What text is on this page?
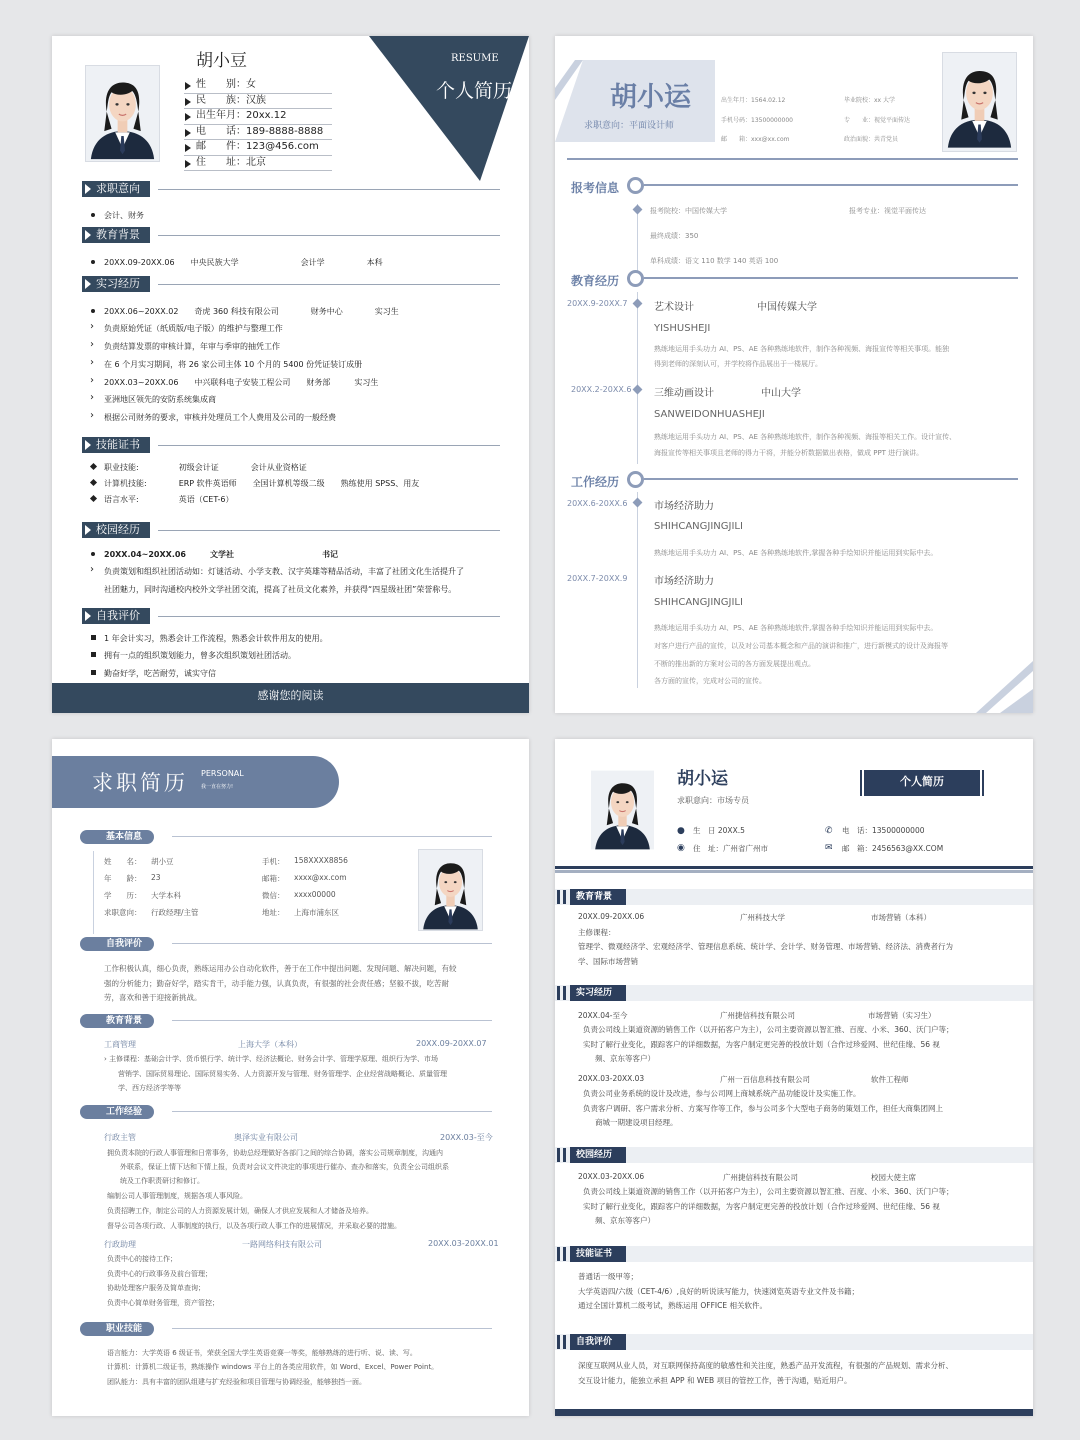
胡小豆
性　　别：女
民　　族：汉族
出生年月：20xx.12
电　　话：189-8888-8888
邮　　件：123@456.com
住　　址：北京
RESUME
个人简历
求职意向
会计、财务
教育背景
20XX.09-20XX.06 中央民族大学	会计学	本科
实习经历
20XX.06~20XX.02　　奇虎 360 科技有限公司　　　　财务中心　　　　实习生
› 负责原始凭证（纸质版/电子版）的维护与整理工作
› 负责结算发票的审核计算，年审与季审的抽凭工作
› 在 6 个月实习期间，将 26 家公司主体 10 个月的 5400 份凭证装订成册
› 20XX.03~20XX.06　　中兴联科电子安装工程公司　　财务部　　　实习生
› 亚洲地区领先的安防系统集成商
› 根据公司财务的要求，审核并处理员工个人费用及公司的一般经费
技能证书
职业技能:　　　　　初级会计证　　　　会计从业资格证
计算机技能:　　　　ERP 软件英语师　　全国计算机等级二级　　熟练使用 SPSS、用友
语言水平:　　　　　英语（CET-6）
校园经历
20XX.04~20XX.06　　　文学社　　　　　　　　　　　书记
› 负责策划和组织社团活动如：灯谜活动、小学支教、汉字英雄等精品活动，丰富了社团文化生活提升了
社团魅力，同时沟通校内校外文学社团交流，提高了社员文化素养，并获得“四星级社团”荣誉称号。
自我评价
1 年会计实习，熟悉会计工作流程，熟悉会计软件用友的使用。
拥有一点的组织策划能力，曾多次组织策划社团活动。
勤奋好学，吃苦耐劳，诚实守信
感谢您的阅读
胡小运
求职意向：平面设计师
出生年月：1564.02.12
手机号码：13500000000
邮　　箱：xxx@xx.com
毕业院校：xx 大学
专　　业：视觉平面传达
政治面貌：共青党员
报考信息
报考院校：中国传媒大学	报考专业：视觉平面传达
最终成绩：350
单科成绩：语文 110 数学 140 英语 100
教育经历
20XX.9-20XX.7	艺术设计	中国传媒大学
YISHUSHEJI
熟练地运用手头功力 AI、PS、AE 各种熟练地软件，制作各种视频、海报宣传等相关事项。能独
得到老师的深刻认可，并学校将作品展出于一楼展厅。
20XX.2-20XX.6 三维动画设计	中山大学
SANWEIDONHUASHEJI
熟练地运用手头功力 AI、PS、AE 各种熟练地软件，制作各种视频、海报等相关工作。设计宣传、
海报宣传等相关事项且老师的得力干将，并能分析数据做出表格，做成 PPT 进行演讲。
工作经历
20XX.6-20XX.6	市场经济助力
SHIHCANGJINGJILI
熟练地运用手头功力 AI、PS、AE 各种熟练地软件,掌握各种手绘知识并能运用到实际中去。
20XX.7-20XX.9	市场经济助力
SHIHCANGJINGJILI
熟练地运用手头功力 AI、PS、AE 各种熟练地软件,掌握各种手绘知识并能运用到实际中去。
对客户进行产品的宣传，以及对公司基本概念和产品的演讲和推广，进行新模式的设计及海报等
不断的推出新的方案对公司的各方面发展提出观点。
各方面的宣传，完成对公司的宣传。
求职简历 PERSONAL
我一直在努力!
基本信息
姓　　名： 胡小豆
年　　龄： 23
学　　历： 大学本科
求职意向： 行政经理/主管
手机： 158XXXX8856
邮箱： xxxx@xx.com
微信： xxxx00000
地址： 上海市浦东区
自我评价
工作积极认真，细心负责，熟练运用办公自动化软件，善于在工作中提出问题、发现问题、解决问题，有较
强的分析能力；勤奋好学，踏实肯干，动手能力强，认真负责，有很强的社会责任感；坚毅不拔，吃苦耐
劳，喜欢和善于迎接新挑战。
教育背景
工商管理	上海大学（本科）	20XX.09-20XX.07
› 主修课程：基础会计学、货币银行学、统计学、经济法概论、财务会计学、管理学原理、组织行为学、市场
营销学、国际贸易理论、国际贸易实务、人力资源开发与管理、财务管理学、企业经营战略概论、质量管理
学、西方经济学等等
工作经验
行政主管	奥泽实业有限公司	20XX.03-至今
拥负责本院的行政人事管理和日常事务，协助总经理做好各部门之间的综合协调，落实公司规章制度，沟通内
外联系，保证上情下达和下情上报，负责对会议文件决定的事项进行催办、查办和落实，负责全公司组织系
统及工作职责研讨和修订。
编制公司人事管理制度，规据各项人事风险。
负责招聘工作，制定公司的人力资源发展计划，确保人才供应发展和人才储备及培养。
督导公司各项行政、人事制度的执行，以及各项行政人事工作的进展情况，并采取必要的措施。
行政助理	一路网络科技有限公司	20XX.03-20XX.01
负责中心的接待工作；
负责中心的行政事务及前台管理；
协助处理客户服务及简单查询；
负责中心简单财务管理，资产管控；
职业技能
语言能力：大学英语 6 级证书，荣获全国大学生英语竞赛一等奖，能够熟练的进行听、说、读、写。
计算机：计算机二级证书，熟练操作 windows 平台上的各类应用软件，如 Word、Excel、Power Point。
团队能力：具有丰富的团队组建与扩充经验和项目管理与协调经验，能够独挡一面。
胡小运
求职意向：市场专员
个人简历
● 生　日 20XX.5
◉ 住　址：广州省广州市
✆ 电　话：13500000000
✉ 邮　箱：2456563@XX.COM
教育背景
20XX.09-20XX.06	广州科技大学	市场营销（本科）
主修课程：
管理学、微观经济学、宏观经济学、管理信息系统、统计学、会计学、财务管理、市场营销、经济法、消费者行为
学、国际市场营销
实习经历
20XX.04-至今	广州捷信科技有限公司	市场营销（实习生）
负责公司线上渠道资源的销售工作（以开拓客户为主），公司主要资源以智汇推、百度、小米、360、沃门户等；
实时了解行业变化，跟踪客户的详细数据，为客户制定更完善的投放计划（合作过珍爱网、世纪佳缘、56 视
频、京东等客户）
20XX.03-20XX.03	广州一百信息科技有限公司	软件工程师
负责公司业务系统的设计及改进，参与公司网上商城系统产品功能设计及实施工作。
负责客户调研、客户需求分析、方案写作等工作，参与公司多个大型电子商务的策划工作，担任大商集团网上
商城一期建设项目经理。
校园经历
20XX.03-20XX.06	广州捷信科技有限公司	校园大使主席
负责公司线上渠道资源的销售工作（以开拓客户为主），公司主要资源以智汇推、百度、小米、360、沃门户等；
实时了解行业变化，跟踪客户的详细数据，为客户制定更完善的投放计划（合作过珍爱网、世纪佳缘、56 视
频、京东等客户）
技能证书
普通话一级甲等；
大学英语四/六级（CET-4/6）,良好的听说读写能力，快速浏览英语专业文件及书籍；
通过全国计算机二级考试，熟练运用 OFFICE 相关软件。
自我评价
深度互联网从业人员，对互联网保持高度的敏感性和关注度，熟悉产品开发流程，有很强的产品规划、需求分析、
交互设计能力，能独立承担 APP 和 WEB 项目的管控工作，善于沟通，贴近用户。
